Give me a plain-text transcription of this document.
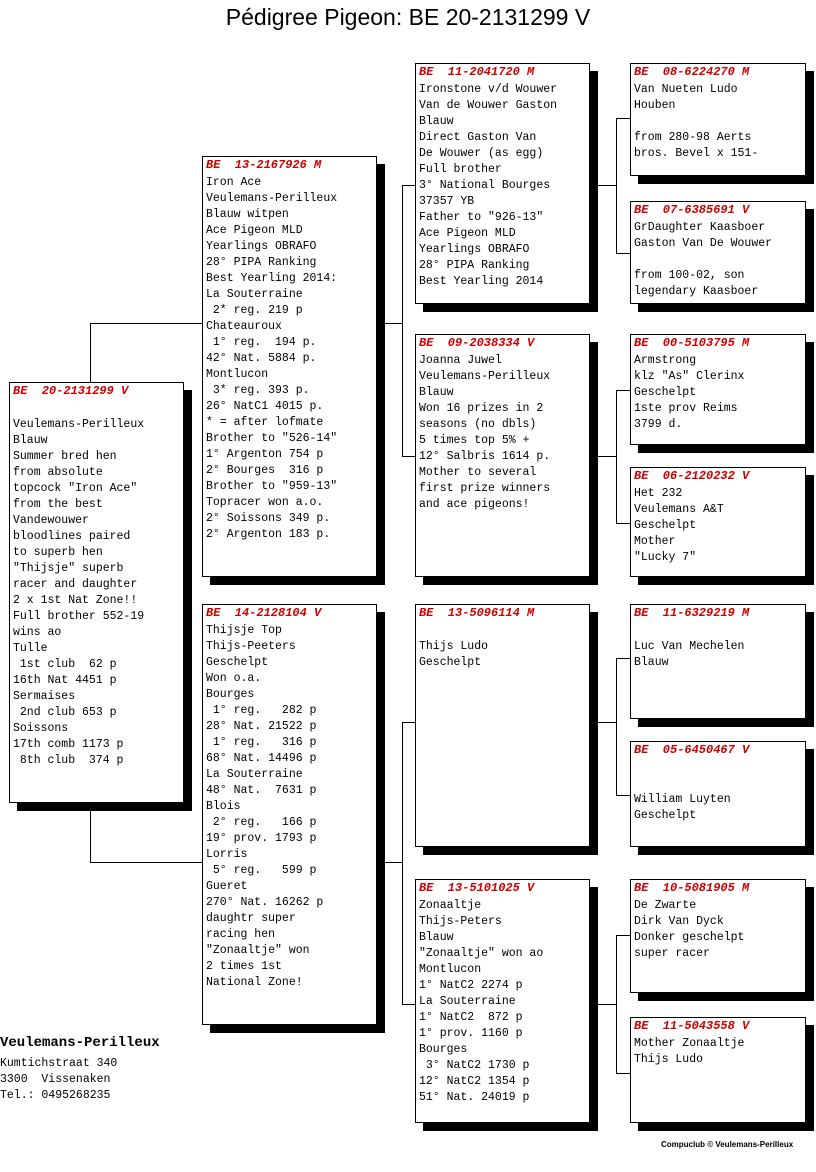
Pédigree Pigeon: BE 20-2131299 V
BE  20-2131299 V
Veulemans-Perilleux
Blauw
Summer bred hen
from absolute
topcock "Iron Ace"
from the best
Vandewouwer
bloodlines paired
to superb hen
"Thijsje" superb
racer and daughter
2 x 1st Nat Zone!!
Full brother 552-19
wins ao
Tulle
1st club  62 p
16th Nat 4451 p
Sermaises
2nd club 653 p
Soissons
17th comb 1173 p
8th club  374 p
BE  13-2167926 M
Iron Ace
Veulemans-Perilleux
Blauw witpen
Ace Pigeon MLD
Yearlings OBRAFO
28° PIPA Ranking
Best Yearling 2014:
La Souterraine
2* reg. 219 p
Chateauroux
1° reg.  194 p.
42° Nat. 5884 p.
Montlucon
3* reg. 393 p.
26° NatC1 4015 p.
* = after lofmate
Brother to "526-14"
1° Argenton 754 p
2° Bourges  316 p
Brother to "959-13"
Topracer won a.o.
2° Soissons 349 p.
2° Argenton 183 p.
BE  14-2128104 V
Thijsje Top
Thijs-Peeters
Geschelpt
Won o.a.
Bourges
1° reg.   282 p
28° Nat. 21522 p
1° reg.   316 p
68° Nat. 14496 p
La Souterraine
48° Nat.  7631 p
Blois
2° reg.   166 p
19° prov. 1793 p
Lorris
5° reg.   599 p
Gueret
270° Nat. 16262 p
daughtr super
racing hen
"Zonaaltje" won
2 times 1st
National Zone!
BE  11-2041720 M
Ironstone v/d Wouwer
Van de Wouwer Gaston
Blauw
Direct Gaston Van
De Wouwer (as egg)
Full brother
3° National Bourges
37357 YB
Father to "926-13"
Ace Pigeon MLD
Yearlings OBRAFO
28° PIPA Ranking
Best Yearling 2014
BE  09-2038334 V
Joanna Juwel
Veulemans-Perilleux
Blauw
Won 16 prizes in 2
seasons (no dbls)
5 times top 5% +
12° Salbris 1614 p.
Mother to several
first prize winners
and ace pigeons!
BE  13-5096114 M
Thijs Ludo
Geschelpt
BE  13-5101025 V
Zonaaltje
Thijs-Peters
Blauw
"Zonaaltje" won ao
Montlucon
1° NatC2 2274 p
La Souterraine
1° NatC2  872 p
1° prov. 1160 p
Bourges
3° NatC2 1730 p
12° NatC2 1354 p
51° Nat. 24019 p
BE  08-6224270 M
Van Nueten Ludo
Houben
from 280-98 Aerts
bros. Bevel x 151-
BE  07-6385691 V
GrDaughter Kaasboer
Gaston Van De Wouwer
from 100-02, son
legendary Kaasboer
BE  00-5103795 M
Armstrong
klz "As" Clerinx
Geschelpt
1ste prov Reims
3799 d.
BE  06-2120232 V
Het 232
Veulemans A&T
Geschelpt
Mother
"Lucky 7"
BE  11-6329219 M
Luc Van Mechelen
Blauw
BE  05-6450467 V
William Luyten
Geschelpt
BE  10-5081905 M
De Zwarte
Dirk Van Dyck
Donker geschelpt
super racer
BE  11-5043558 V
Mother Zonaaltje
Thijs Ludo
Veulemans-Perilleux
Kumtichstraat 340
3300  Vissenaken
Tel.: 0495268235
Compuclub © Veulemans-Perilleux
